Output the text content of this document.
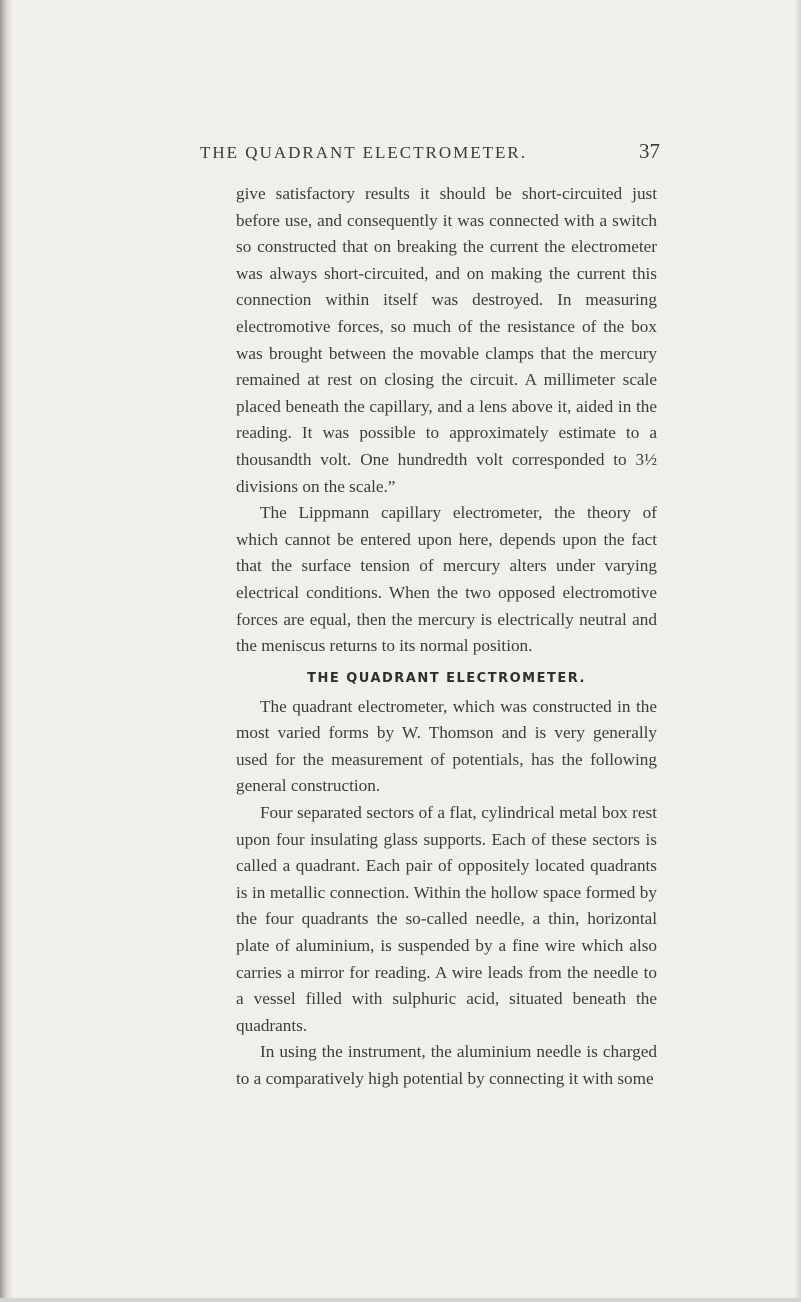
THE QUADRANT ELECTROMETER.	37

give satisfactory results it should be short-circuited just before use, and consequently it was connected with a switch so constructed that on breaking the current the electrometer was always short-circuited, and on making the current this connection within itself was destroyed. In measuring electromotive forces, so much of the resistance of the box was brought between the movable clamps that the mercury remained at rest on closing the circuit. A millimeter scale placed beneath the capillary, and a lens above it, aided in the reading. It was possible to approximately estimate to a thousandth volt. One hundredth volt corresponded to 3½ divisions on the scale.”

The Lippmann capillary electrometer, the theory of which cannot be entered upon here, depends upon the fact that the surface tension of mercury alters under varying electrical conditions. When the two opposed electromotive forces are equal, then the mercury is electrically neutral and the meniscus returns to its normal position.

THE QUADRANT ELECTROMETER.

The quadrant electrometer, which was constructed in the most varied forms by W. Thomson and is very generally used for the measurement of potentials, has the following general construction.

Four separated sectors of a flat, cylindrical metal box rest upon four insulating glass supports. Each of these sectors is called a quadrant. Each pair of oppositely located quadrants is in metallic connection. Within the hollow space formed by the four quadrants the so-called needle, a thin, horizontal plate of aluminium, is suspended by a fine wire which also carries a mirror for reading. A wire leads from the needle to a vessel filled with sulphuric acid, situated beneath the quadrants.

In using the instrument, the aluminium needle is charged to a comparatively high potential by connecting it with some
